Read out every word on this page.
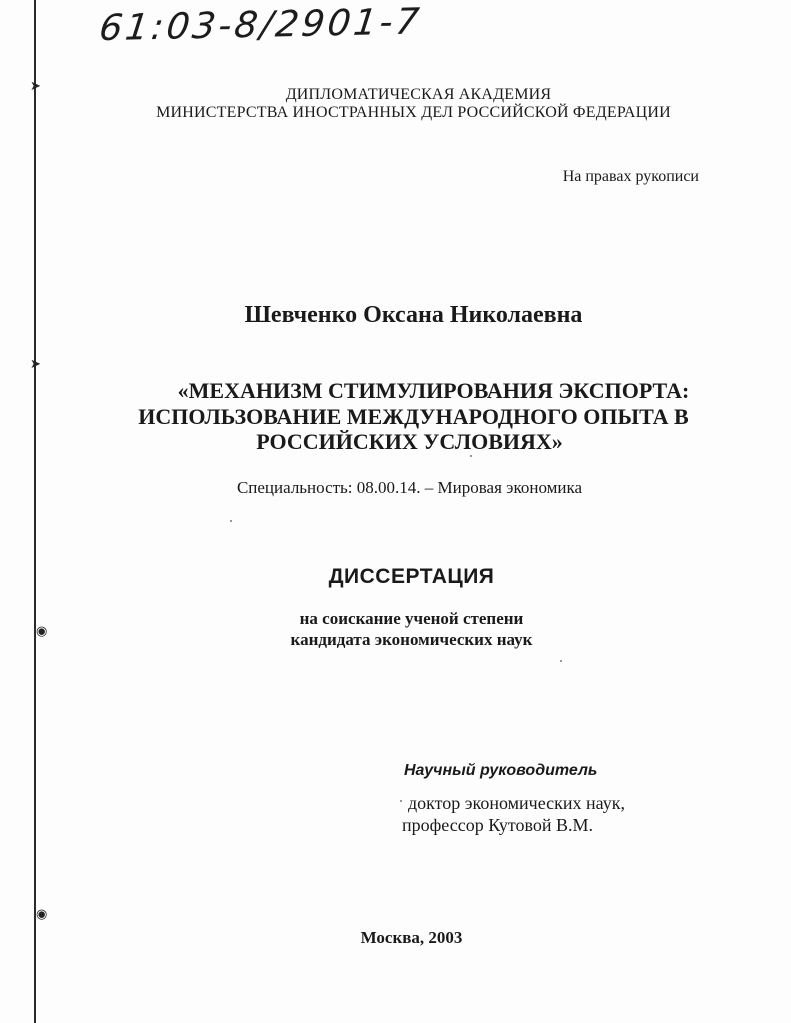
➤
➤
◉
◉
61:03-8/2901-7
ДИПЛОМАТИЧЕСКАЯ АКАДЕМИЯ
МИНИСТЕРСТВА ИНОСТРАННЫХ ДЕЛ РОССИЙСКОЙ ФЕДЕРАЦИИ
На правах рукописи
Шевченко Оксана Николаевна
«МЕХАНИЗМ СТИМУЛИРОВАНИЯ ЭКСПОРТА:
ИСПОЛЬЗОВАНИЕ МЕЖДУНАРОДНОГО ОПЫТА В
РОССИЙСКИХ УСЛОВИЯХ»
Специальность: 08.00.14. – Мировая экономика
ДИССЕРТАЦИЯ
на соискание ученой степени
кандидата экономических наук
Научный руководитель
доктор экономических наук,
профессор Кутовой В.М.
Москва, 2003
